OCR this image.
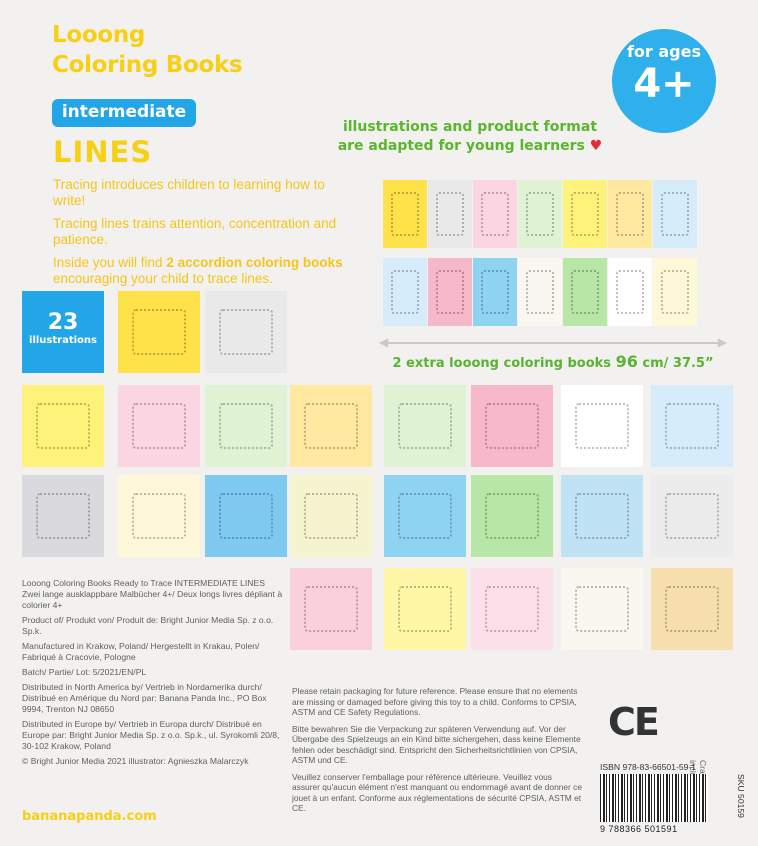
Looong
Coloring Books
intermediate
LINES

Tracing introduces children to learning how to write!

Tracing lines trains attention, concentration and patience.

Inside you will find 2 accordion coloring books encouraging your child to trace lines.

for ages
4+
illustrations and product format
are adapted for young learners ♥
◀	▶
2 extra looong coloring books 96 cm/ 37.5”
23
illustrations

Looong Coloring Books Ready to Trace INTERMEDIATE LINES Zwei lange ausklappbare Malbücher 4+/ Deux longs livres dépliant à colorier 4+

Product of/ Produkt von/ Produit de: Bright Junior Media Sp. z o.o. Sp.k.

Manufactured in Krakow, Poland/ Hergestellt in Krakau, Polen/ Fabriqué à Cracovie, Pologne

Batch/ Partie/ Lot: 5/2021/EN/PL

Distributed in North America by/ Vertrieb in Nordamerika durch/ Distribué en Amérique du Nord par: Banana Panda Inc., PO Box 9994, Trenton NJ 08650

Distributed in Europe by/ Vertrieb in Europa durch/ Distribué en Europe par: Bright Junior Media Sp. z o.o. Sp.k., ul. Syrokomli 20/8, 30-102 Krakow, Poland

© Bright Junior Media 2021 illustrator: Agnieszka Malarczyk

bananapanda.com

Please retain packaging for future reference. Please ensure that no elements are missing or damaged before giving this toy to a child. Conforms to CPSIA, ASTM and CE Safety Regulations.

Bitte bewahren Sie die Verpackung zur späteren Verwendung auf. Vor der Übergabe des Spielzeugs an ein Kind bitte sichergehen, dass keine Elemente fehlen oder beschädigt sind. Entspricht den Sicherheitsrichtlinien von CPSIA, ASTM und CE.

Veuillez conserver l'emballage pour référence ultérieure. Veuillez vous assurer qu'aucun élément n'est manquant ou endommagé avant de donner ce jouet à un enfant. Conforme aux réglementations de sécurité CPSIA, ASTM et CE.

CE
ISBN 978-83-66501-59-1
9 788366 501591
SKU 50159
